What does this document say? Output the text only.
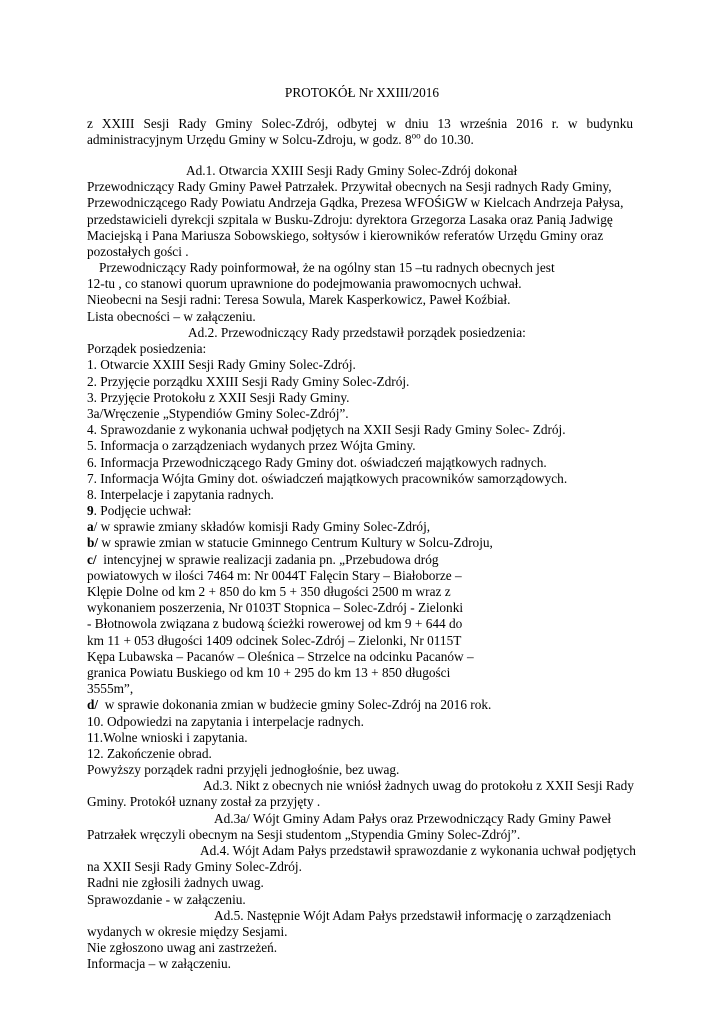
PROTOKÓŁ Nr XXIII/2016
z XXIII Sesji Rady Gminy Solec-Zdrój, odbytej w dniu 13 września 2016 r. w budynku administracyjnym Urzędu Gminy w Solcu-Zdroju, w godz. $8^{oo}$ do 10.30.
Ad.1. Otwarcia XXIII Sesji Rady Gminy Solec-Zdrój dokonał
Przewodniczący Rady Gminy Paweł Patrzałek. Przywitał obecnych na Sesji radnych Rady Gminy,
Przewodniczącego Rady Powiatu Andrzeja Gądka, Prezesa WFOŚiGW w Kielcach Andrzeja Pałysa,
przedstawicieli dyrekcji szpitala w Busku-Zdroju: dyrektora Grzegorza Lasaka oraz Panią Jadwigę
Maciejską i Pana Mariusza Sobowskiego, sołtysów i kierowników referatów Urzędu Gminy oraz
pozostałych gości .
Przewodniczący Rady poinformował, że na ogólny stan 15 –tu radnych obecnych jest
12-tu , co stanowi quorum uprawnione do podejmowania prawomocnych uchwał.
Nieobecni na Sesji radni: Teresa Sowula, Marek Kasperkowicz, Paweł Koźbiał.
Lista obecności – w załączeniu.
Ad.2. Przewodniczący Rady przedstawił porządek posiedzenia:
Porządek posiedzenia:
1. Otwarcie XXIII Sesji Rady Gminy Solec-Zdrój.
2. Przyjęcie porządku XXIII Sesji Rady Gminy Solec-Zdrój.
3. Przyjęcie Protokołu z XXII Sesji Rady Gminy.
3a/Wręczenie „Stypendiów Gminy Solec-Zdrój”.
4. Sprawozdanie z wykonania uchwał podjętych na XXII Sesji Rady Gminy Solec- Zdrój.
5. Informacja o zarządzeniach wydanych przez Wójta Gminy.
6. Informacja Przewodniczącego Rady Gminy dot. oświadczeń majątkowych radnych.
7. Informacja Wójta Gminy dot. oświadczeń majątkowych pracowników samorządowych.
8. Interpelacje i zapytania radnych.
9. Podjęcie uchwał:
a/ w sprawie zmiany składów komisji Rady Gminy Solec-Zdrój,
b/ w sprawie zmian w statucie Gminnego Centrum Kultury w Solcu-Zdroju,
c/  intencyjnej w sprawie realizacji zadania pn. „Przebudowa dróg
powiatowych w ilości 7464 m: Nr 0044T Falęcin Stary – Białoborze –
Klępie Dolne od km 2 + 850 do km 5 + 350 długości 2500 m wraz z
wykonaniem poszerzenia, Nr 0103T Stopnica – Solec-Zdrój - Zielonki
- Błotnowola związana z budową ścieżki rowerowej od km 9 + 644 do
km 11 + 053 długości 1409 odcinek Solec-Zdrój – Zielonki, Nr 0115T
Kępa Lubawska – Pacanów – Oleśnica – Strzelce na odcinku Pacanów –
granica Powiatu Buskiego od km 10 + 295 do km 13 + 850 długości
3555m”,
d/  w sprawie dokonania zmian w budżecie gminy Solec-Zdrój na 2016 rok.
10. Odpowiedzi na zapytania i interpelacje radnych.
11.Wolne wnioski i zapytania.
12. Zakończenie obrad.
Powyższy porządek radni przyjęli jednogłośnie, bez uwag.
Ad.3. Nikt z obecnych nie wniósł żadnych uwag do protokołu z XXII Sesji Rady
Gminy. Protokół uznany został za przyjęty .
Ad.3a/ Wójt Gminy Adam Pałys oraz Przewodniczący Rady Gminy Paweł
Patrzałek wręczyli obecnym na Sesji studentom „Stypendia Gminy Solec-Zdrój”.
Ad.4. Wójt Adam Pałys przedstawił sprawozdanie z wykonania uchwał podjętych
na XXII Sesji Rady Gminy Solec-Zdrój.
Radni nie zgłosili żadnych uwag.
Sprawozdanie - w załączeniu.
Ad.5. Następnie Wójt Adam Pałys przedstawił informację o zarządzeniach
wydanych w okresie między Sesjami.
Nie zgłoszono uwag ani zastrzeżeń.
Informacja – w załączeniu.
